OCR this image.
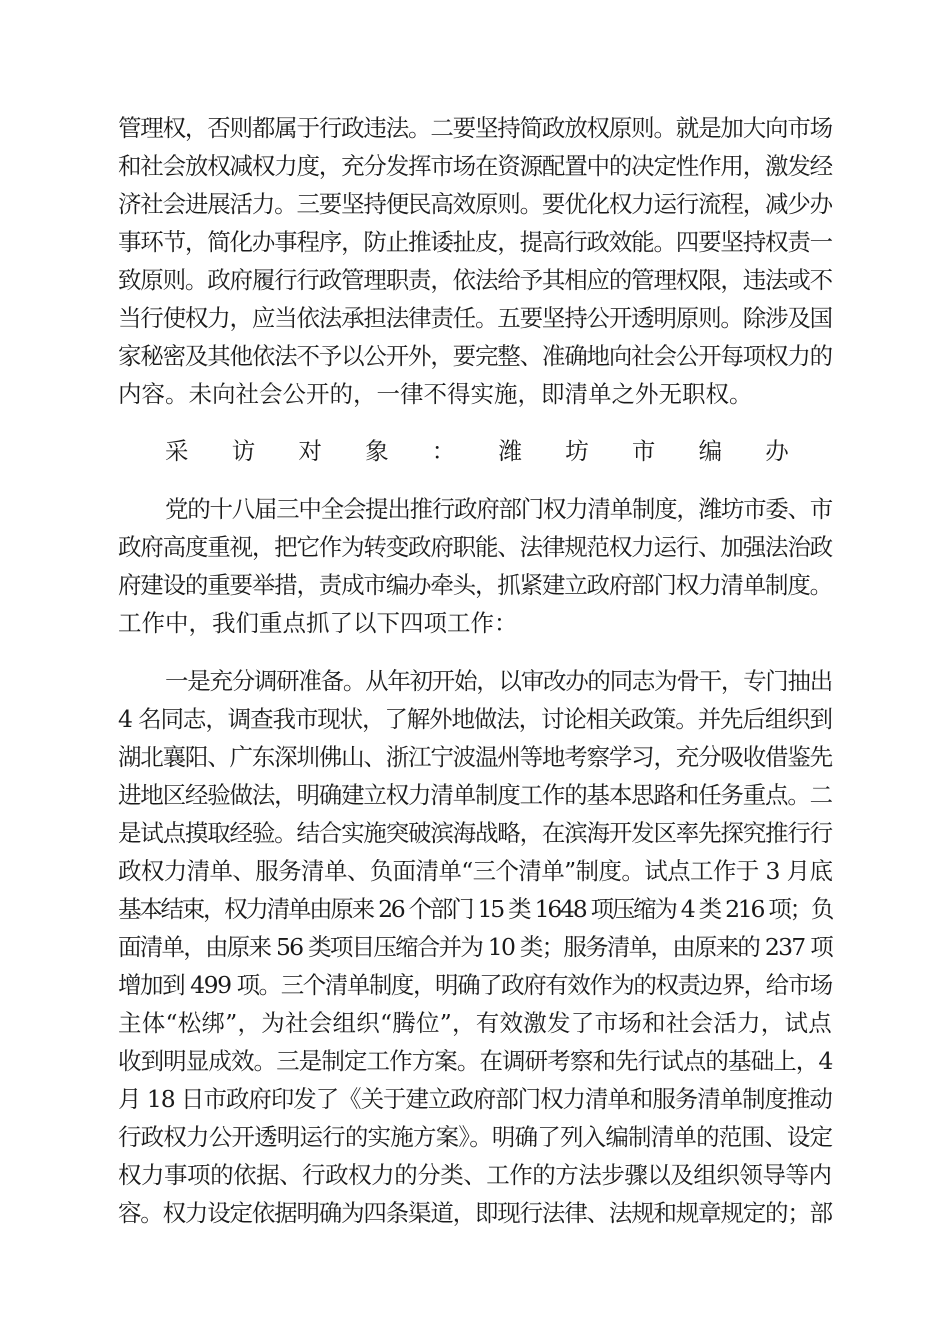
管理权，否则都属于行政违法。二要坚持简政放权原则。就是加大向市场
和社会放权减权力度，充分发挥市场在资源配置中的决定性作用，激发经
济社会进展活力。三要坚持便民高效原则。要优化权力运行流程，减少办
事环节，简化办事程序，防止推诿扯皮，提高行政效能。四要坚持权责一
致原则。政府履行行政管理职责，依法给予其相应的管理权限，违法或不
当行使权力，应当依法承担法律责任。五要坚持公开透明原则。除涉及国
家秘密及其他依法不予以公开外，要完整、准确地向社会公开每项权力的
内容。未向社会公开的，一律不得实施，即清单之外无职权。
采访对象：潍坊市编办
党的十八届三中全会提出推行政府部门权力清单制度，潍坊市委、市
政府高度重视，把它作为转变政府职能、法律规范权力运行、加强法治政
府建设的重要举措，责成市编办牵头，抓紧建立政府部门权力清单制度。
工作中，我们重点抓了以下四项工作：
一是充分调研准备。从年初开始，以审改办的同志为骨干，专门抽出
4 名同志，调查我市现状，了解外地做法，讨论相关政策。并先后组织到
湖北襄阳、广东深圳佛山、浙江宁波温州等地考察学习，充分吸收借鉴先
进地区经验做法，明确建立权力清单制度工作的基本思路和任务重点。二
是试点摸取经验。结合实施突破滨海战略，在滨海开发区率先探究推行行
政权力清单、服务清单、负面清单“三个清单”制度。试点工作于 3 月底
基本结束，权力清单由原来 26 个部门 15 类 1648 项压缩为 4 类 216 项；负
面清单，由原来 56 类项目压缩合并为 10 类；服务清单，由原来的 237 项
增加到 499 项。三个清单制度，明确了政府有效作为的权责边界，给市场
主体“松绑”，为社会组织“腾位”，有效激发了市场和社会活力，试点
收到明显成效。三是制定工作方案。在调研考察和先行试点的基础上，4
月 18 日市政府印发了《关于建立政府部门权力清单和服务清单制度推动
行政权力公开透明运行的实施方案》。明确了列入编制清单的范围、设定
权力事项的依据、行政权力的分类、工作的方法步骤以及组织领导等内
容。权力设定依据明确为四条渠道，即现行法律、法规和规章规定的；部
